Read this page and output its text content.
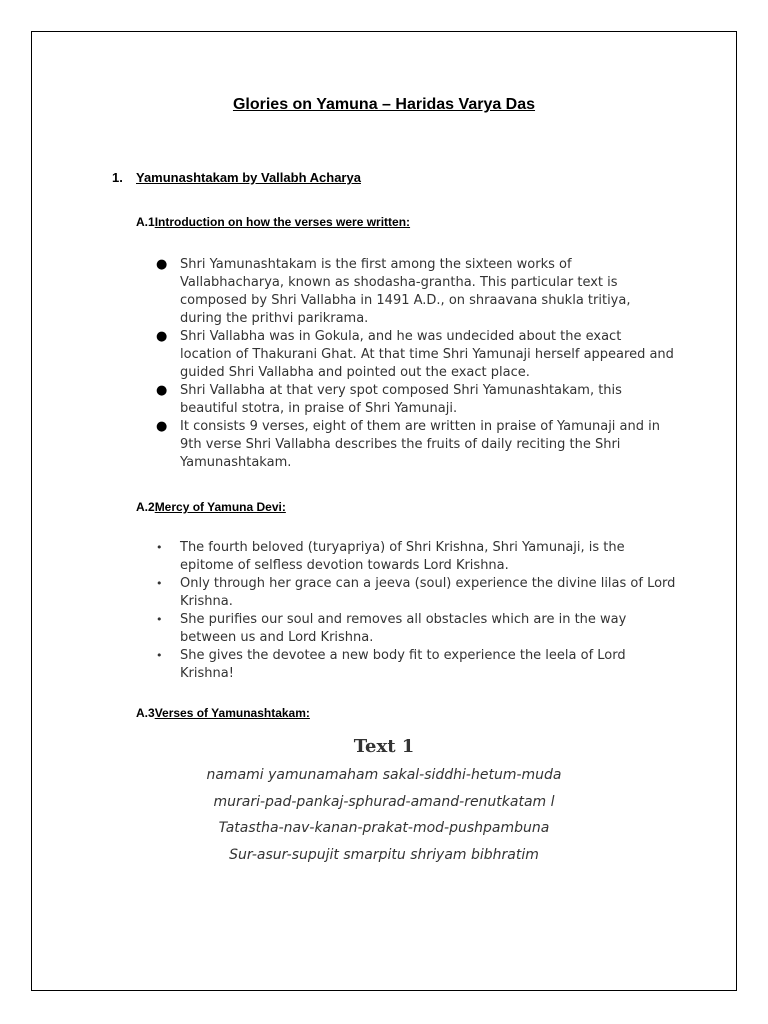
Glories on Yamuna – Haridas Varya Das
1. Yamunashtakam by Vallabh Acharya
A.1Introduction on how the verses were written:
● Shri Yamunashtakam is the first among the sixteen works of Vallabhacharya, known as shodasha-grantha. This particular text is composed by Shri Vallabha in 1491 A.D., on shraavana shukla tritiya, during the prithvi parikrama.
● Shri Vallabha was in Gokula, and he was undecided about the exact location of Thakurani Ghat. At that time Shri Yamunaji herself appeared and guided Shri Vallabha and pointed out the exact place.
● Shri Vallabha at that very spot composed Shri Yamunashtakam, this beautiful stotra, in praise of Shri Yamunaji.
● It consists 9 verses, eight of them are written in praise of Yamunaji and in 9th verse Shri Vallabha describes the fruits of daily reciting the Shri Yamunashtakam.
A.2Mercy of Yamuna Devi:
• The fourth beloved (turyapriya) of Shri Krishna, Shri Yamunaji, is the epitome of selfless devotion towards Lord Krishna.
• Only through her grace can a jeeva (soul) experience the divine lilas of Lord Krishna.
• She purifies our soul and removes all obstacles which are in the way between us and Lord Krishna.
• She gives the devotee a new body fit to experience the leela of Lord Krishna!
A.3Verses of Yamunashtakam:
Text 1
namami yamunamaham sakal-siddhi-hetum-muda
murari-pad-pankaj-sphurad-amand-renutkatam l
Tatastha-nav-kanan-prakat-mod-pushpambuna
Sur-asur-supujit smarpitu shriyam bibhratim
